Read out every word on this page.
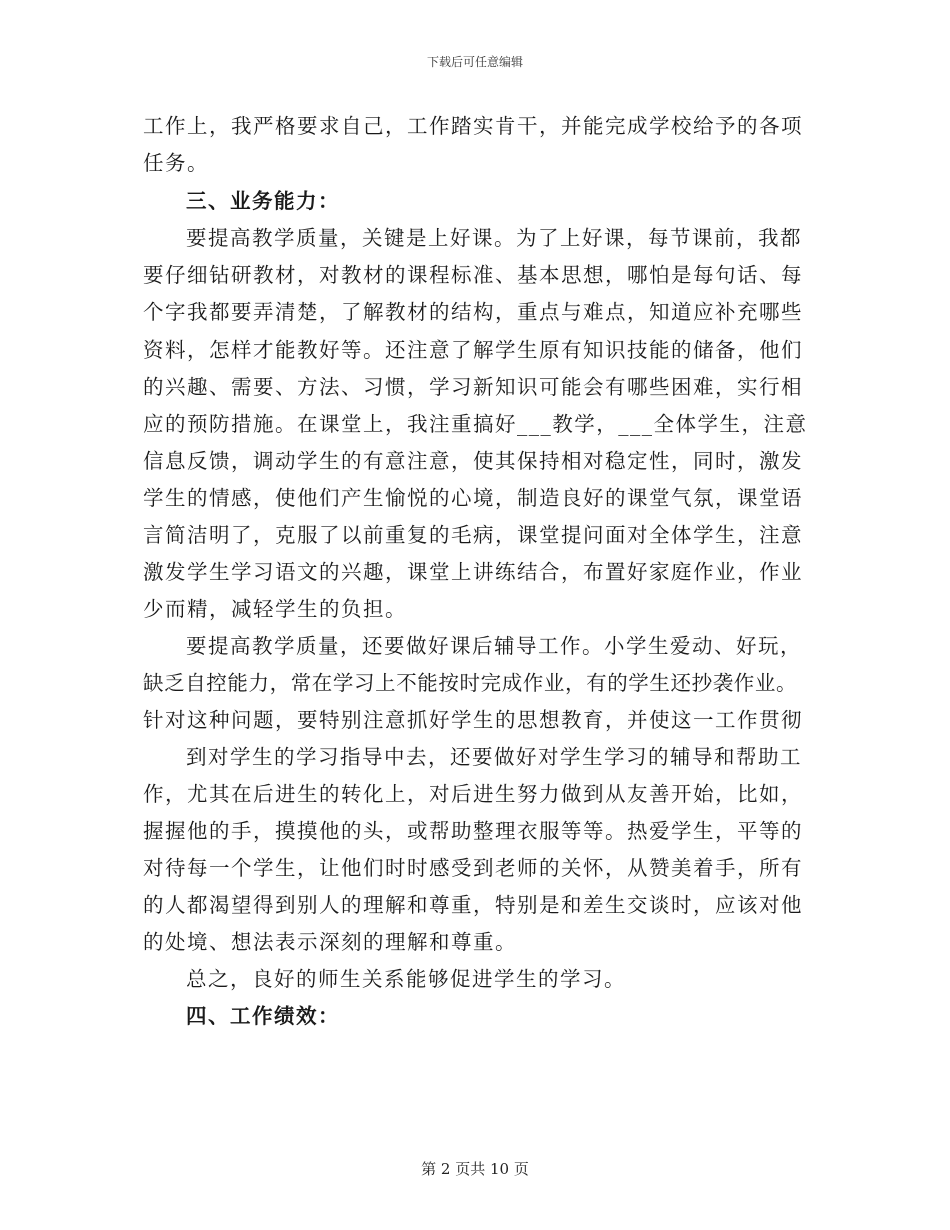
下载后可任意编辑
工作上，我严格要求自己，工作踏实肯干，并能完成学校给予的各项
任务。
三、业务能力：
要提高教学质量，关键是上好课。为了上好课，每节课前，我都
要仔细钻研教材，对教材的课程标准、基本思想，哪怕是每句话、每
个字我都要弄清楚，了解教材的结构，重点与难点，知道应补充哪些
资料，怎样才能教好等。还注意了解学生原有知识技能的储备，他们
的兴趣、需要、方法、习惯，学习新知识可能会有哪些困难，实行相
应的预防措施。在课堂上，我注重搞好___教学，___全体学生，注意
信息反馈，调动学生的有意注意，使其保持相对稳定性，同时，激发
学生的情感，使他们产生愉悦的心境，制造良好的课堂气氛，课堂语
言简洁明了，克服了以前重复的毛病，课堂提问面对全体学生，注意
激发学生学习语文的兴趣，课堂上讲练结合，布置好家庭作业，作业
少而精，减轻学生的负担。
要提高教学质量，还要做好课后辅导工作。小学生爱动、好玩，
缺乏自控能力，常在学习上不能按时完成作业，有的学生还抄袭作业。
针对这种问题，要特别注意抓好学生的思想教育，并使这一工作贯彻
到对学生的学习指导中去，还要做好对学生学习的辅导和帮助工
作，尤其在后进生的转化上，对后进生努力做到从友善开始，比如，
握握他的手，摸摸他的头，或帮助整理衣服等等。热爱学生，平等的
对待每一个学生，让他们时时感受到老师的关怀，从赞美着手，所有
的人都渴望得到别人的理解和尊重，特别是和差生交谈时，应该对他
的处境、想法表示深刻的理解和尊重。
总之，良好的师生关系能够促进学生的学习。
四、工作绩效：
第 2 页共 10 页
